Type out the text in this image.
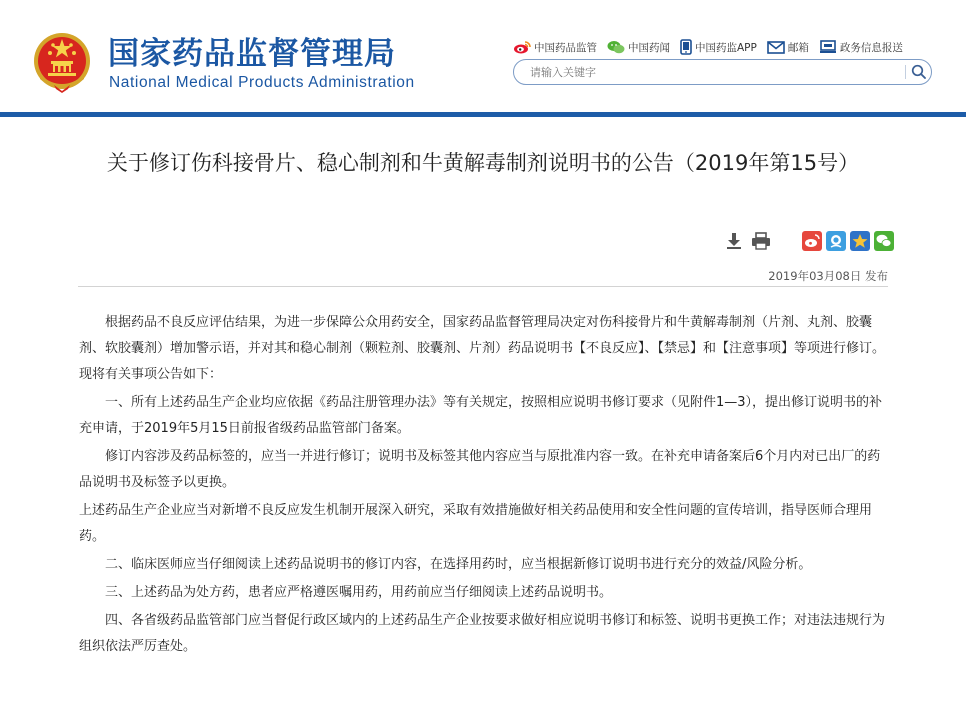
国家药品监督管理局
National Medical Products Administration
中国药品监管	中国药闻 中国药监APP	邮箱	政务信息报送
请输入关键字
关于修订伤科接骨片、稳心制剂和牛黄解毒制剂说明书的公告（2019年第15号）
2019年03月08日 发布

根据药品不良反应评估结果，为进一步保障公众用药安全，国家药品监督管理局决定对伤科接骨片和牛黄解毒制剂（片剂、丸剂、胶囊剂、软胶囊剂）增加警示语，并对其和稳心制剂（颗粒剂、胶囊剂、片剂）药品说明书【不良反应】、【禁忌】和【注意事项】等项进行修订。现将有关事项公告如下：

一、所有上述药品生产企业均应依据《药品注册管理办法》等有关规定，按照相应说明书修订要求（见附件1—3），提出修订说明书的补充申请，于2019年5月15日前报省级药品监管部门备案。

修订内容涉及药品标签的，应当一并进行修订；说明书及标签其他内容应当与原批准内容一致。在补充申请备案后6个月内对已出厂的药品说明书及标签予以更换。

上述药品生产企业应当对新增不良反应发生机制开展深入研究，采取有效措施做好相关药品使用和安全性问题的宣传培训，指导医师合理用药。

二、临床医师应当仔细阅读上述药品说明书的修订内容，在选择用药时，应当根据新修订说明书进行充分的效益/风险分析。

三、上述药品为处方药，患者应严格遵医嘱用药，用药前应当仔细阅读上述药品说明书。

四、各省级药品监管部门应当督促行政区域内的上述药品生产企业按要求做好相应说明书修订和标签、说明书更换工作；对违法违规行为组织依法严厉查处。
